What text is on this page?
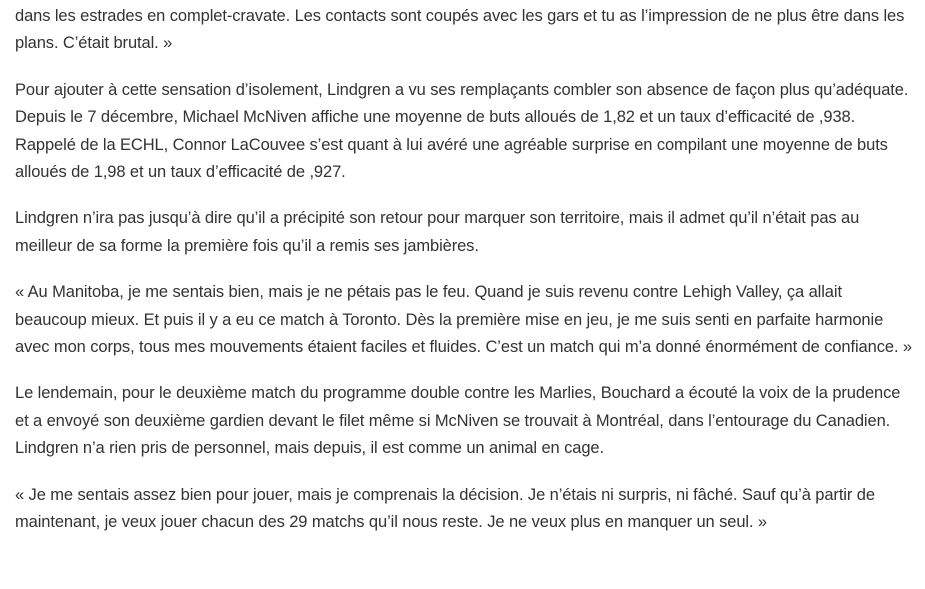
dans les estrades en complet-cravate. Les contacts sont coupés avec les gars et tu as l’impression de ne plus être dans les plans. C’était brutal. »

Pour ajouter à cette sensation d’isolement, Lindgren a vu ses remplaçants combler son absence de façon plus qu’adéquate. Depuis le 7 décembre, Michael McNiven affiche une moyenne de buts alloués de 1,82 et un taux d’efficacité de ,938. Rappelé de la ECHL, Connor LaCouvee s’est quant à lui avéré une agréable surprise en compilant une moyenne de buts alloués de 1,98 et un taux d’efficacité de ,927.

Lindgren n’ira pas jusqu’à dire qu’il a précipité son retour pour marquer son territoire, mais il admet qu’il n’était pas au meilleur de sa forme la première fois qu’il a remis ses jambières.

« Au Manitoba, je me sentais bien, mais je ne pétais pas le feu. Quand je suis revenu contre Lehigh Valley, ça allait beaucoup mieux. Et puis il y a eu ce match à Toronto. Dès la première mise en jeu, je me suis senti en parfaite harmonie avec mon corps, tous mes mouvements étaient faciles et fluides. C’est un match qui m’a donné énormément de confiance. »

Le lendemain, pour le deuxième match du programme double contre les Marlies, Bouchard a écouté la voix de la prudence et a envoyé son deuxième gardien devant le filet même si McNiven se trouvait à Montréal, dans l’entourage du Canadien. Lindgren n’a rien pris de personnel, mais depuis, il est comme un animal en cage.

« Je me sentais assez bien pour jouer, mais je comprenais la décision. Je n’étais ni surpris, ni fâché. Sauf qu’à partir de maintenant, je veux jouer chacun des 29 matchs qu’il nous reste. Je ne veux plus en manquer un seul. »
